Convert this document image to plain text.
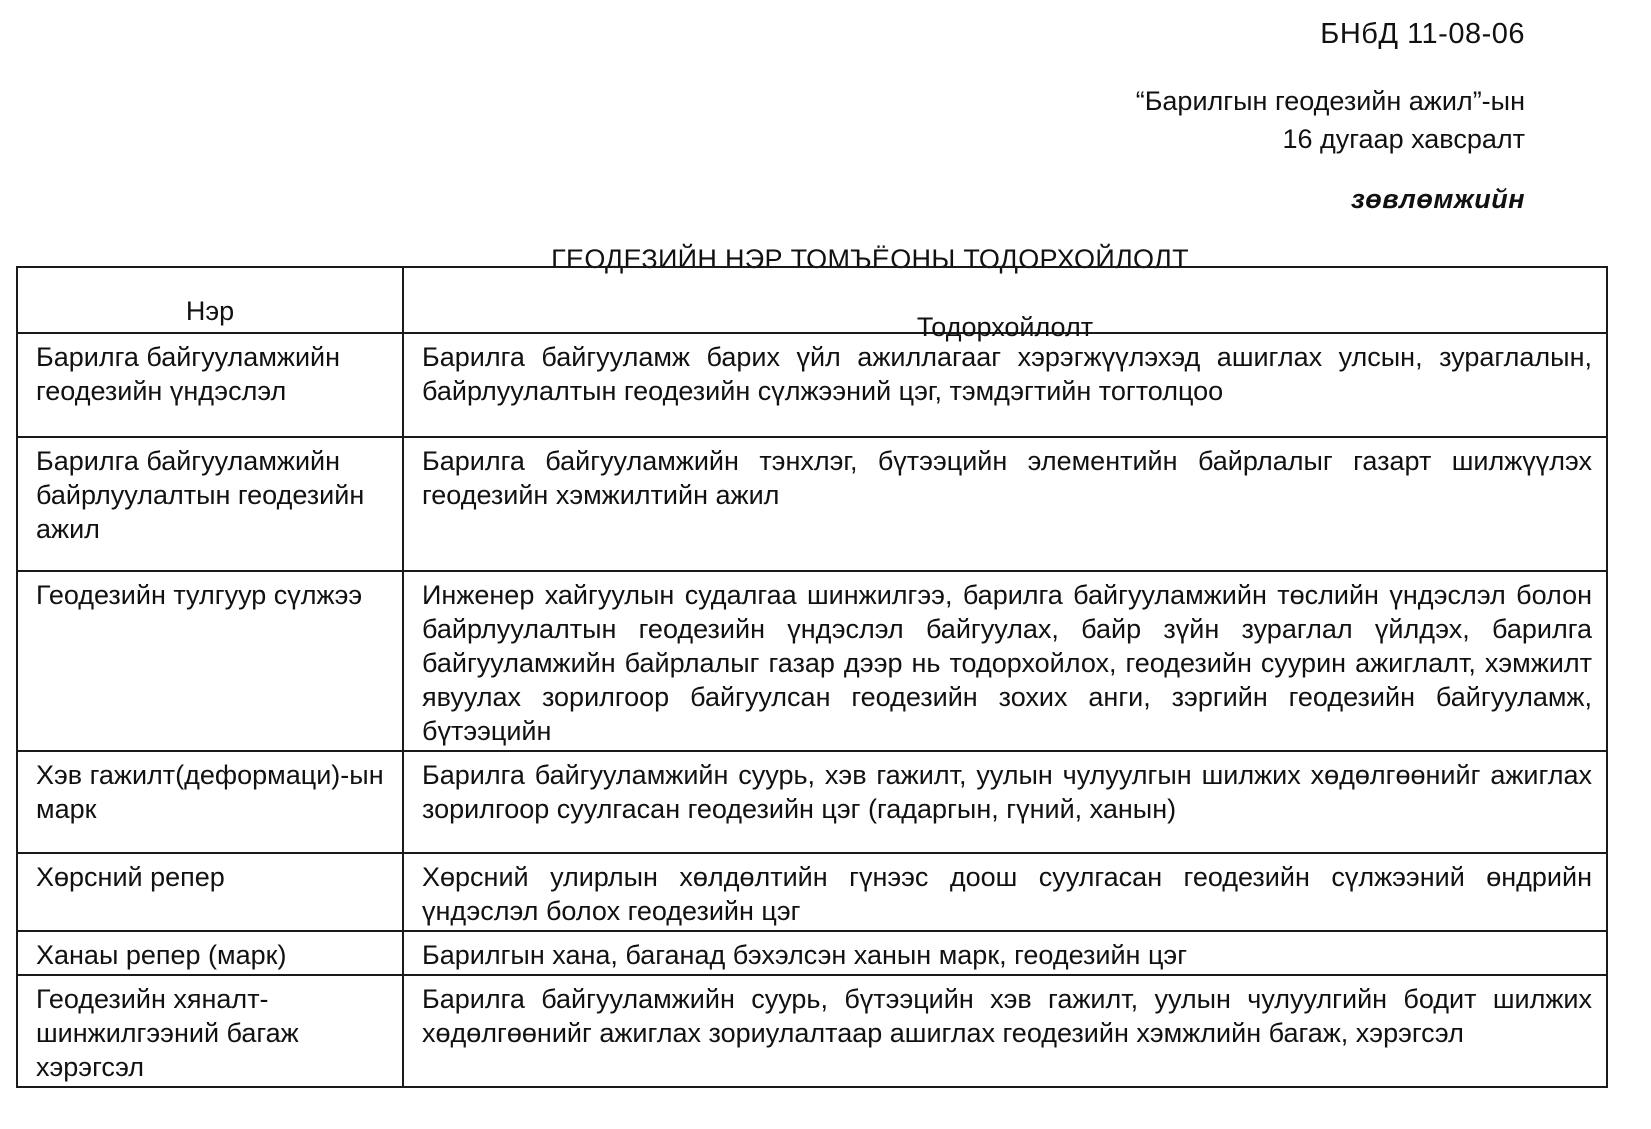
БНбД 11-08-06
“Барилгын геодезийн ажил”-ын
16 дугаар хавсралт
зөвлөмжийн
ГЕОДЕЗИЙН НЭР ТОМЪЁОНЫ ТОДОРХОЙЛОЛТ
Нэр	Тодорхойлолт

Барилга байгууламжийн геодезийн үндэслэл	Барилга байгууламж барих үйл ажиллагааг хэрэгжүүлэхэд ашиглах улсын, зураглалын, байрлуулалтын геодезийн сүлжээний цэг, тэмдэгтийн тогтолцоо
Барилга байгууламжийн байрлуулалтын геодезийн ажил	Барилга байгууламжийн тэнхлэг, бүтээцийн элементийн байрлалыг газарт шилжүүлэх геодезийн хэмжилтийн ажил
Геодезийн тулгуур сүлжээ	Инженер хайгуулын судалгаа шинжилгээ, барилга байгууламжийн төслийн үндэслэл болон байрлуулалтын геодезийн үндэслэл байгуулах, байр зүйн зураглал үйлдэх, барилга байгууламжийн байрлалыг газар дээр нь тодорхойлох, геодезийн суурин ажиглалт, хэмжилт явуулах зорилгоор байгуулсан геодезийн зохих анги, зэргийн геодезийн байгууламж, бүтээцийн
Хэв гажилт(деформаци)-ын марк	Барилга байгууламжийн суурь, хэв гажилт, уулын чулуулгын шилжих хөдөлгөөнийг ажиглах зорилгоор суулгасан геодезийн цэг (гадаргын, гүний, ханын)
Хөрсний репер	Хөрсний улирлын хөлдөлтийн гүнээс доош суулгасан геодезийн сүлжээний өндрийн үндэслэл болох геодезийн цэг
Ханаы репер (марк)	Барилгын хана, баганад бэхэлсэн ханын марк, геодезийн цэг
Геодезийн хяналт-шинжилгээний багаж хэрэгсэл	Барилга байгууламжийн суурь, бүтээцийн хэв гажилт, уулын чулуулгийн бодит шилжих хөдөлгөөнийг ажиглах зориулалтаар ашиглах геодезийн хэмжлийн багаж, хэрэгсэл
